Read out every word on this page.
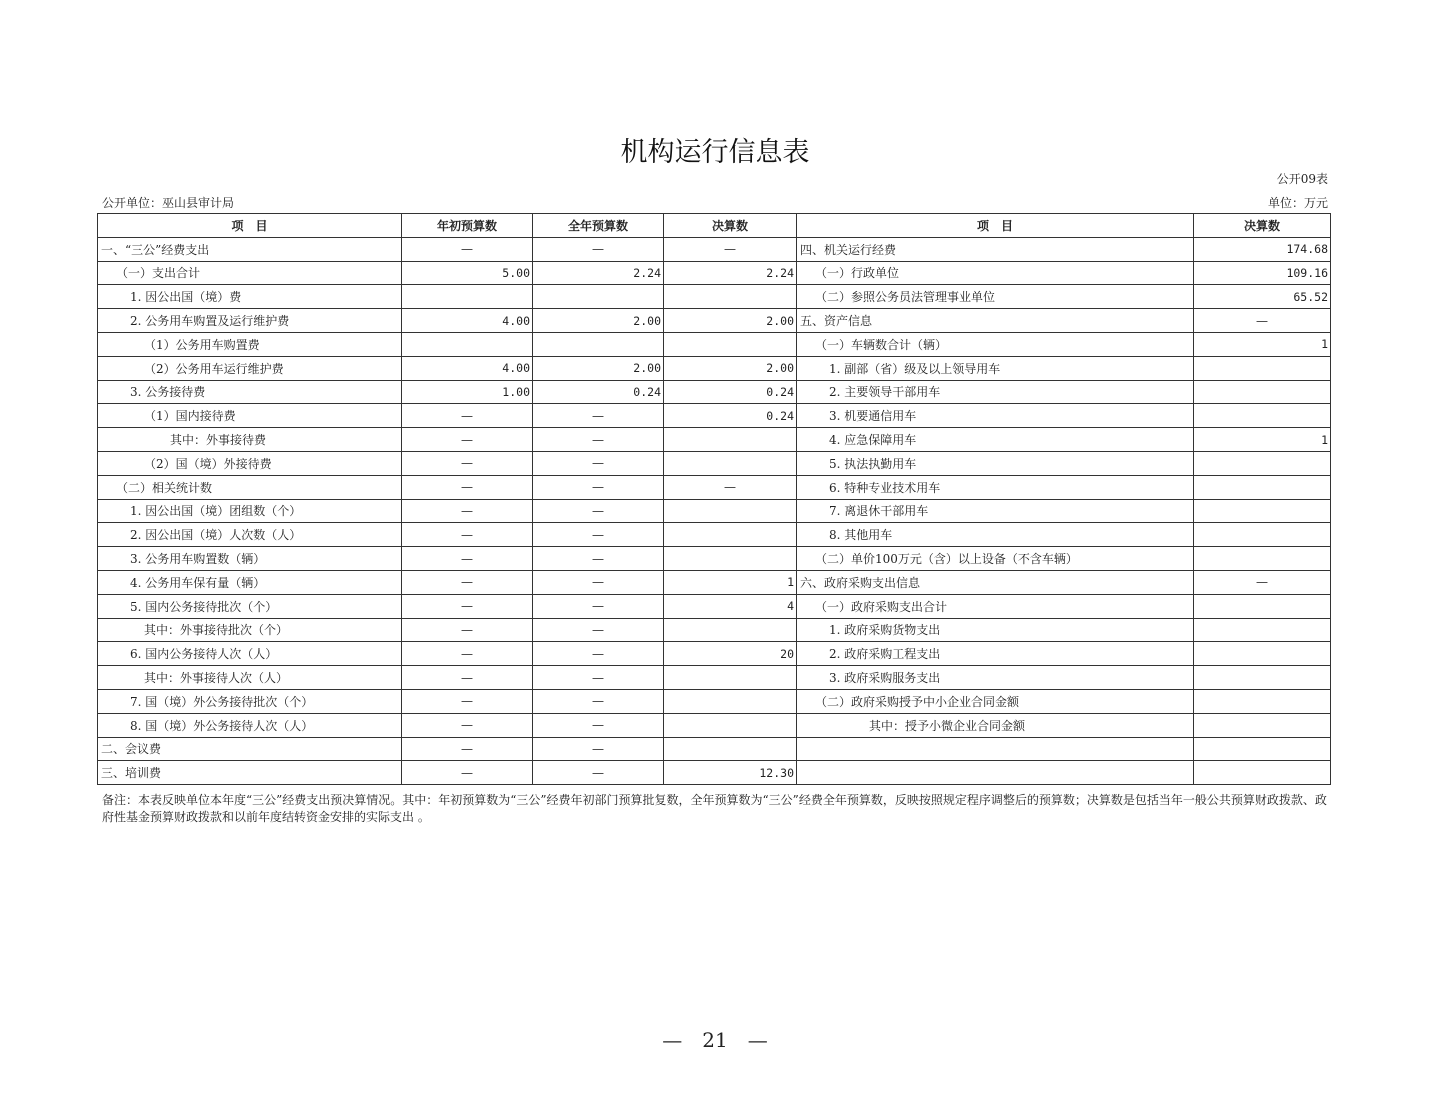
机构运行信息表
公开09表
公开单位：巫山县审计局	单位：万元
项　目	年初预算数	全年预算数	决算数	项　目	决算数
一、“三公”经费支出	—	—	—	四、机关运行经费	174.68
（一）支出合计	5.00	2.24	2.24	（一）行政单位	109.16
1. 因公出国（境）费				（二）参照公务员法管理事业单位	65.52
2. 公务用车购置及运行维护费	4.00	2.00	2.00	五、资产信息	—
（1）公务用车购置费				（一）车辆数合计（辆）	1
（2）公务用车运行维护费	4.00	2.00	2.00	1. 副部（省）级及以上领导用车	
3. 公务接待费	1.00	0.24	0.24	2. 主要领导干部用车	
（1）国内接待费	—	—	0.24	3. 机要通信用车	
其中：外事接待费	—	—		4. 应急保障用车	1
（2）国（境）外接待费	—	—		5. 执法执勤用车	
（二）相关统计数	—	—	—	6. 特种专业技术用车	
1. 因公出国（境）团组数（个）	—	—		7. 离退休干部用车	
2. 因公出国（境）人次数（人）	—	—		8. 其他用车	
3. 公务用车购置数（辆）	—	—		（二）单价100万元（含）以上设备（不含车辆）	
4. 公务用车保有量（辆）	—	—	1	六、政府采购支出信息	—
5. 国内公务接待批次（个）	—	—	4	（一）政府采购支出合计	
其中：外事接待批次（个）	—	—		1. 政府采购货物支出	
6. 国内公务接待人次（人）	—	—	20	2. 政府采购工程支出	
其中：外事接待人次（人）	—	—		3. 政府采购服务支出	
7. 国（境）外公务接待批次（个）	—	—		（二）政府采购授予中小企业合同金额	
8. 国（境）外公务接待人次（人）	—	—		其中：授予小微企业合同金额	
二、会议费	—	—			
三、培训费	—	—	12.30		
备注：本表反映单位本年度“三公”经费支出预决算情况。其中：年初预算数为“三公”经费年初部门预算批复数，全年预算数为“三公”经费全年预算数，反映按照规定程序调整后的预算数；决算数是包括当年一般公共预算财政拨款、政府性基金预算财政拨款和以前年度结转资金安排的实际支出 。
—　21　—
